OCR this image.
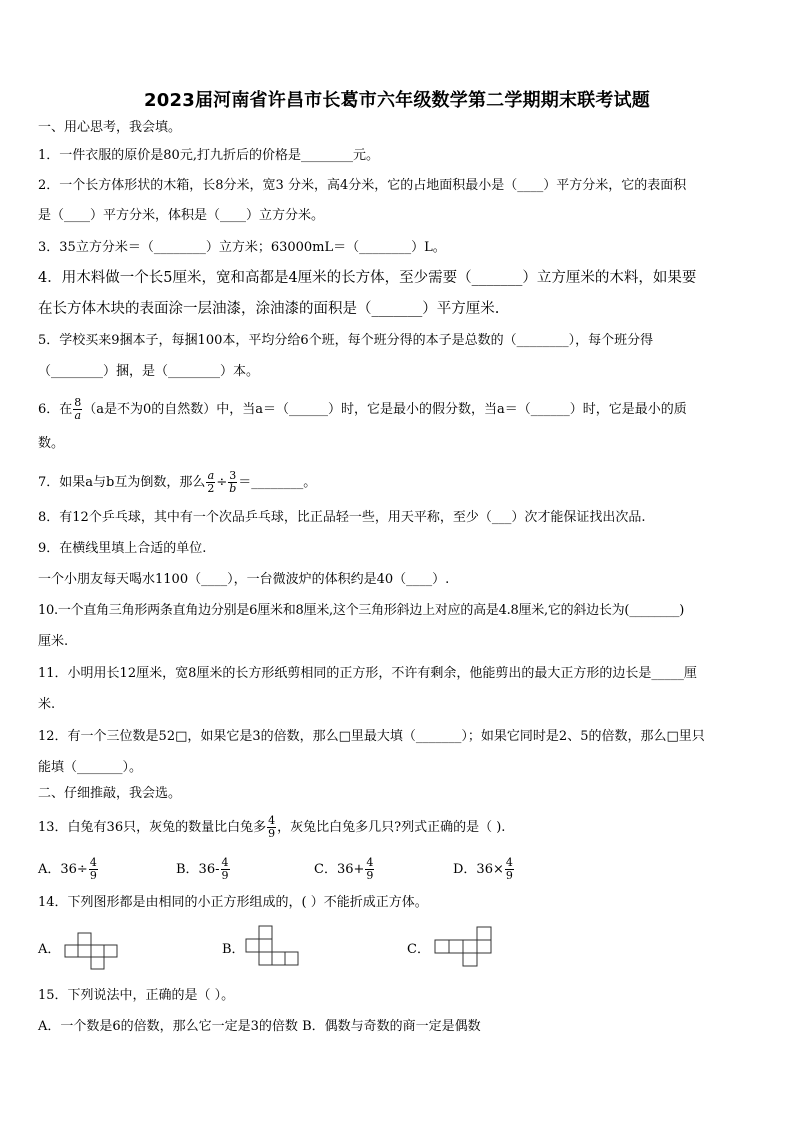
2023届河南省许昌市长葛市六年级数学第二学期期末联考试题
一、用心思考，我会填。
1．一件衣服的原价是80元,打九折后的价格是________元。
2．一个长方体形状的木箱，长8分米，宽3 分米，高4分米，它的占地面积最小是（____）平方分米，它的表面积
是（____）平方分米，体积是（____）立方分米。
3．35立方分米＝（________）立方米；63000mL＝（________）L。
4．用木料做一个长5厘米，宽和高都是4厘米的长方体，至少需要（_______）立方厘米的木料，如果要
在长方体木块的表面涂一层油漆，涂油漆的面积是（_______）平方厘米.
5．学校买来9捆本子，每捆100本，平均分给6个班，每个班分得的本子是总数的（________），每个班分得
（________）捆，是（________）本。
6．在 $\frac{8}{a} (a$是不为0的自然数）中，当a＝（______）时，它是最小的假分数，当a＝（______）时，它是最小的质
数。
7．如果a与b互为倒数，那么 $\frac{a}{2} \div \frac{3}{b}$ ＝________。
8．有12个乒乓球，其中有一个次品乒乓球，比正品轻一些，用天平称，至少（___）次才能保证找出次品.
9．在横线里填上合适的单位.
一个小朋友每天喝水1100（____），一台微波炉的体积约是40（____）.
10.一个直角三角形两条直角边分别是6厘米和8厘米,这个三角形斜边上对应的高是4.8厘米,它的斜边长为(________)
厘米.
11．小明用长12厘米，宽8厘米的长方形纸剪相同的正方形，不许有剩余，他能剪出的最大正方形的边长是_____厘
米.
12．有一个三位数是52□，如果它是3的倍数，那么□里最大填（_______）；如果它同时是2、5的倍数，那么□里只
能填（_______）。
二、仔细推敲，我会选。
13．白兔有36只，灰兔的数量比白兔多 $\frac{4}{9}$ ，灰兔比白兔多几只?列式正确的是（ ).
A．$36\div \frac{4}{9}$	B．$36- \frac{4}{9}$	C．$36+ \frac{4}{9}$	D．$36\times \frac{4}{9}$
14．下列图形都是由相同的小正方形组成的，( ）不能折成正方体。
A．	B．	C．
15．下列说法中，正确的是（ ）。
A．一个数是6的倍数，那么它一定是3的倍数 B．偶数与奇数的商一定是偶数
